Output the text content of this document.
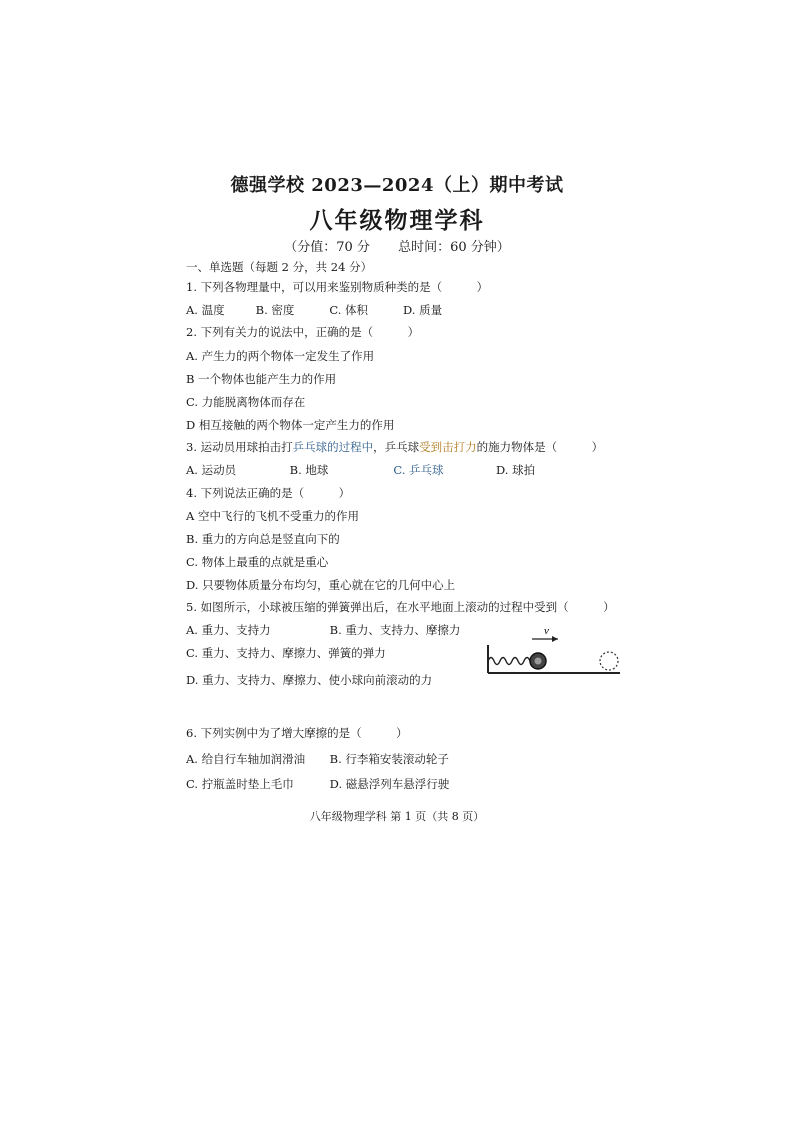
德强学校 2023—2024（上）期中考试
八年级物理学科
（分值：70 分 总时间：60 分钟）
一、单选题（每题 2 分，共 24 分）
1. 下列各物理量中，可以用来鉴别物质种类的是（　　　）
A. 温度	B. 密度	C. 体积	D. 质量
2. 下列有关力的说法中，正确的是（　　　）
A. 产生力的两个物体一定发生了作用
B 一个物体也能产生力的作用
C. 力能脱离物体而存在
D 相互接触的两个物体一定产生力的作用
3. 运动员用球拍击打乒乓球的过程中，乒乓球受到击打力的施力物体是（　　　）
A. 运动员	B. 地球	C. 乒乓球	D. 球拍
4. 下列说法正确的是（　　　）
A 空中飞行的飞机不受重力的作用
B. 重力的方向总是竖直向下的
C. 物体上最重的点就是重心
D. 只要物体质量分布均匀，重心就在它的几何中心上
5. 如图所示，小球被压缩的弹簧弹出后，在水平地面上滚动的过程中受到（　　　）
A. 重力、支持力	B. 重力、支持力、摩擦力
C. 重力、支持力、摩擦力、弹簧的弹力
D. 重力、支持力、摩擦力、使小球向前滚动的力
v
6. 下列实例中为了增大摩擦的是（　　　）
A. 给自行车轴加润滑油 B. 行李箱安装滚动轮子
C. 拧瓶盖时垫上毛巾	D. 磁悬浮列车悬浮行驶
八年级物理学科 第 1 页（共 8 页）
